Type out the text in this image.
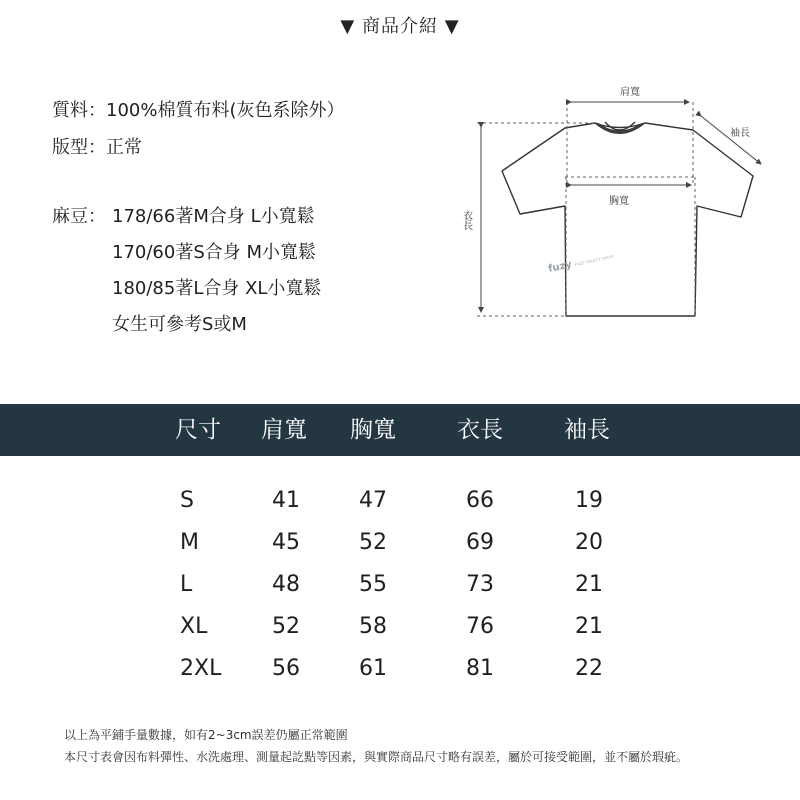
▼ 商品介紹 ▼
質料：100%棉質布料(灰色系除外）
版型：正常
麻豆： 178/66著M合身 L小寬鬆
170/60著S合身 M小寬鬆
180/85著L合身 XL小寬鬆
女生可參考S或M
肩寬
胸寬
袖長
衣長
fuzy FUZY SELECT SHOP
尺寸 肩寬 胸寬	衣長	袖長
S	41	47	66	19
M	45	52	69	20
L	48	55	73	21
XL	52	58	76	21
2XL 56	61	81	22
以上為平鋪手量數據，如有2~3cm誤差仍屬正常範圍
本尺寸表會因布料彈性、水洗處理、測量起訖點等因素，與實際商品尺寸略有誤差，屬於可接受範圍，並不屬於瑕疵。
